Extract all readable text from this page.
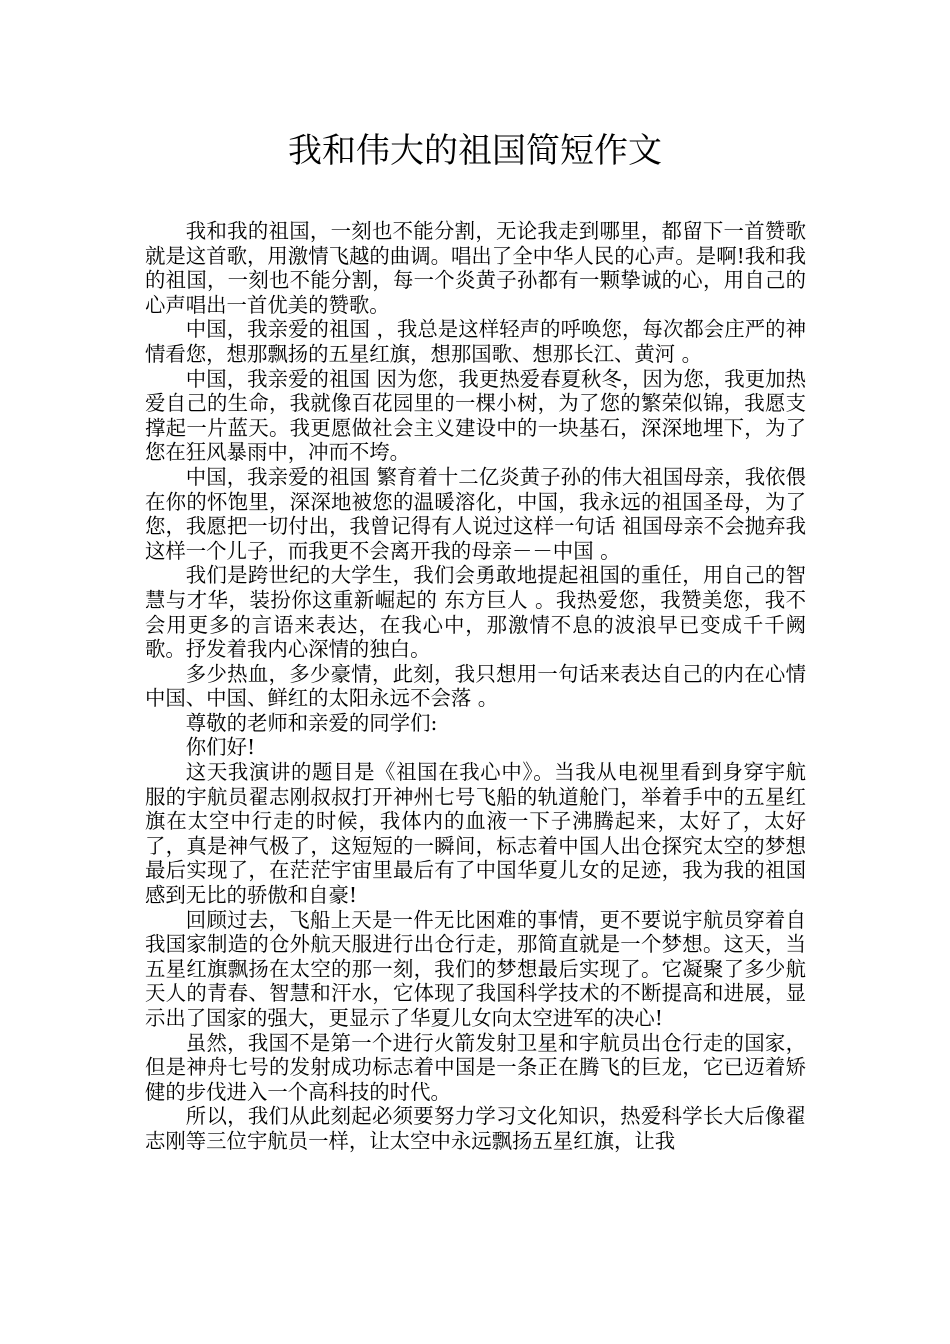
我和伟大的祖国简短作文

我和我的祖国，一刻也不能分割，无论我走到哪里，都留下一首赞歌 就是这首歌，用激情飞越的曲调。唱出了全中华人民的心声。是啊!我和我的祖国，一刻也不能分割，每一个炎黄子孙都有一颗挚诚的心，用自己的心声唱出一首优美的赞歌。

中国，我亲爱的祖国 ，我总是这样轻声的呼唤您，每次都会庄严的神情看您，想那飘扬的五星红旗，想那国歌、想那长江、黄河 。

中国，我亲爱的祖国 因为您，我更热爱春夏秋冬，因为您，我更加热爱自己的生命，我就像百花园里的一棵小树，为了您的繁荣似锦，我愿支撑起一片蓝天。我更愿做社会主义建设中的一块基石，深深地埋下，为了您在狂风暴雨中，冲而不垮。

中国，我亲爱的祖国 繁育着十二亿炎黄子孙的伟大祖国母亲，我依偎在你的怀饱里，深深地被您的温暖溶化，中国，我永远的祖国圣母，为了您，我愿把一切付出，我曾记得有人说过这样一句话 祖国母亲不会抛弃我这样一个儿子，而我更不会离开我的母亲－－中国 。

我们是跨世纪的大学生，我们会勇敢地提起祖国的重任，用自己的智慧与才华，装扮你这重新崛起的 东方巨人 。我热爱您，我赞美您，我不会用更多的言语来表达，在我心中，那激情不息的波浪早已变成千千阙歌。抒发着我内心深情的独白。

多少热血，多少豪情，此刻，我只想用一句话来表达自己的内在心情 中国、中国、鲜红的太阳永远不会落 。

尊敬的老师和亲爱的同学们:

你们好!

这天我演讲的题目是《祖国在我心中》。当我从电视里看到身穿宇航服的宇航员翟志刚叔叔打开神州七号飞船的轨道舱门，举着手中的五星红旗在太空中行走的时候，我体内的血液一下子沸腾起来，太好了，太好了，真是神气极了，这短短的一瞬间，标志着中国人出仓探究太空的梦想最后实现了，在茫茫宇宙里最后有了中国华夏儿女的足迹，我为我的祖国感到无比的骄傲和自豪!

回顾过去，飞船上天是一件无比困难的事情，更不要说宇航员穿着自我国家制造的仓外航天服进行出仓行走，那简直就是一个梦想。这天，当五星红旗飘扬在太空的那一刻，我们的梦想最后实现了。它凝聚了多少航天人的青春、智慧和汗水，它体现了我国科学技术的不断提高和进展，显示出了国家的强大，更显示了华夏儿女向太空进军的决心!

虽然，我国不是第一个进行火箭发射卫星和宇航员出仓行走的国家，但是神舟七号的发射成功标志着中国是一条正在腾飞的巨龙，它已迈着矫健的步伐进入一个高科技的时代。

所以，我们从此刻起必须要努力学习文化知识，热爱科学长大后像翟志刚等三位宇航员一样，让太空中永远飘扬五星红旗，让我
